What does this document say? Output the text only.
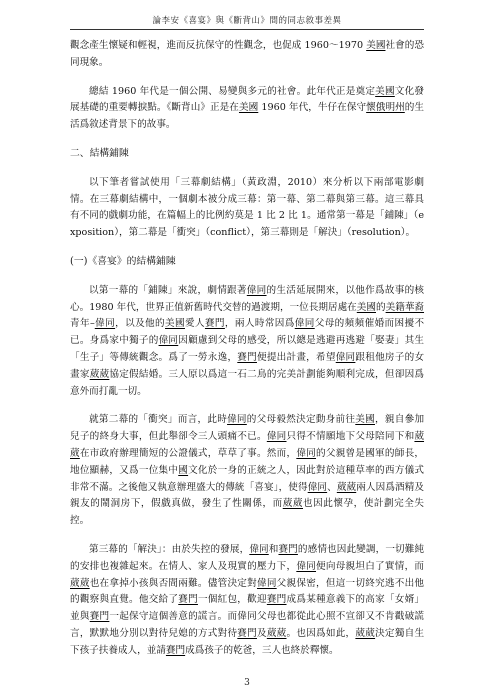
論李安《喜宴》與《斷背山》間的同志敘事差異

觀念產生懷疑和輕視，進而反抗保守的性觀念，也促成 1960～1970 美國社會的恐同現象。

總結 1960 年代是一個公開、易變與多元的社會。此年代正是奠定美國文化發展基礎的重要轉捩點。《斷背山》正是在美國 1960 年代，牛仔在保守懷俄明州的生活爲敘述背景下的故事。

二、結構鋪陳

以下筆者嘗試使用「三幕劇結構」（黃政淵，2010）來分析以下兩部電影劇情。在三幕劇結構中，一個劇本被分成三幕：第一幕、第二幕與第三幕。這三幕具有不同的戲劇功能，在篇幅上的比例約莫是 1 比 2 比 1。通常第一幕是「鋪陳」（exposition），第二幕是「衝突」（conflict），第三幕則是「解決」（resolution）。

(一)《喜宴》的結構鋪陳

以第一幕的「鋪陳」來說，劇情跟著偉同的生活延展開來，以他作爲故事的核心。1980 年代，世界正值新舊時代交替的過渡期，一位長期居處在美國的美籍華裔青年–偉同，以及他的美國愛人賽門，兩人時常因爲偉同父母的頻頻催婚而困擾不已。身爲家中獨子的偉同因顧慮到父母的感受，所以總是逃避再逃避「娶妻」其生「生子」等傳統觀念。爲了一勞永逸，賽門便提出計畫，希望偉同跟租他房子的女畫家葳葳協定假結婚。三人原以爲這一石二鳥的完美計劃能夠順利完成，但卻因爲意外而打亂一切。

就第二幕的「衝突」而言，此時偉同的父母毅然決定動身前往美國，親自參加兒子的終身大事，但此舉卻令三人頭痛不已。偉同只得不情願地下父母陪同下和葳葳在市政府辦理簡短的公證儀式，草草了事。然而，偉同的父親曾是國軍的師長，地位顯赫，又爲一位集中國文化於一身的正統之人，因此對於這種草率的西方儀式非常不滿。之後他又執意辦理盛大的傳統「喜宴」，使得偉同、葳葳兩人因爲酒精及親友的鬧洞房下，假戲真做，發生了性關係，而葳葳也因此懷孕，使計劃完全失控。

第三幕的「解決」：由於失控的發展，偉同和賽門的感情也因此變調，一切難純的安排也複雜起來。在情人、家人及現實的壓力下，偉同便向母親坦白了實情，而葳葳也在拿掉小孩與否間兩難。儘管決定對偉同父親保密，但這一切終究逃不出他的觀察與直覺。他交給了賽門一個紅包，歡迎賽門成爲某種意義下的高家「女婿」並與賽門一起保守這個善意的謊言。而偉同父母也都從此心照不宣卻又不肯戳破謊言，默默地分別以對待兒媳的方式對待賽門及葳葳。也因爲如此，葳葳決定獨自生下孩子扶養成人，並請賽門成爲孩子的乾爸，三人也終於釋懷。

3
